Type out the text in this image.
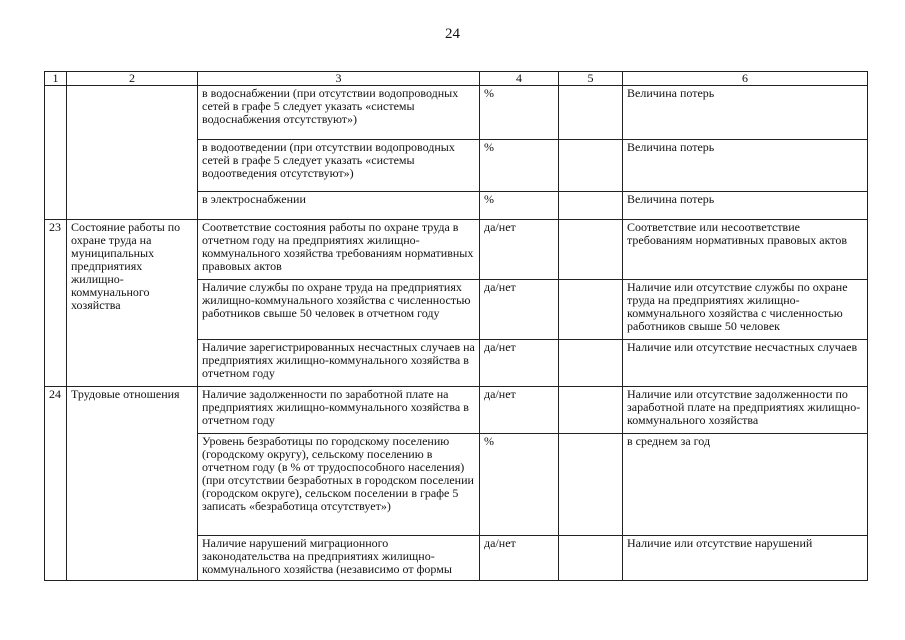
24
1	2	3	4	5	6
		в водоснабжении (при отсутствии водопроводных сетей в графе 5 следует указать «системы водоснабжения отсутствуют»)	%		Величина потерь
		в водоотведении (при отсутствии водопроводных сетей в графе 5 следует указать «системы водоотведения отсутствуют»)	%		Величина потерь
		в электроснабжении	%		Величина потерь
23	Состояние работы по охране труда на муниципальных предприятиях жилищно-коммунального хозяйства	Соответствие состояния работы по охране труда в отчетном году на предприятиях жилищно-коммунального хозяйства требованиям нормативных правовых актов	да/нет		Соответствие или несоответствие требованиям нормативных правовых актов
		Наличие службы по охране труда на предприятиях жилищно-коммунального хозяйства с численностью работников свыше 50 человек в отчетном году	да/нет		Наличие или отсутствие службы по охране труда на предприятиях жилищно-коммунального хозяйства с численностью работников свыше 50 человек
		Наличие зарегистрированных несчастных случаев на предприятиях жилищно-коммунального хозяйства в отчетном году	да/нет		Наличие или отсутствие несчастных случаев
24	Трудовые отношения	Наличие задолженности по заработной плате на предприятиях жилищно-коммунального хозяйства в отчетном году	да/нет		Наличие или отсутствие задолженности по заработной плате на предприятиях жилищно-коммунального хозяйства
		Уровень безработицы по городскому поселению (городскому округу), сельскому поселению в отчетном году (в % от трудоспособного населения) (при отсутствии безработных в городском поселении (городском округе), сельском поселении в графе 5 записать «безработица отсутствует»)	%		в среднем за год
		Наличие нарушений миграционного законодательства на предприятиях жилищно-коммунального хозяйства (независимо от формы	да/нет		Наличие или отсутствие нарушений
